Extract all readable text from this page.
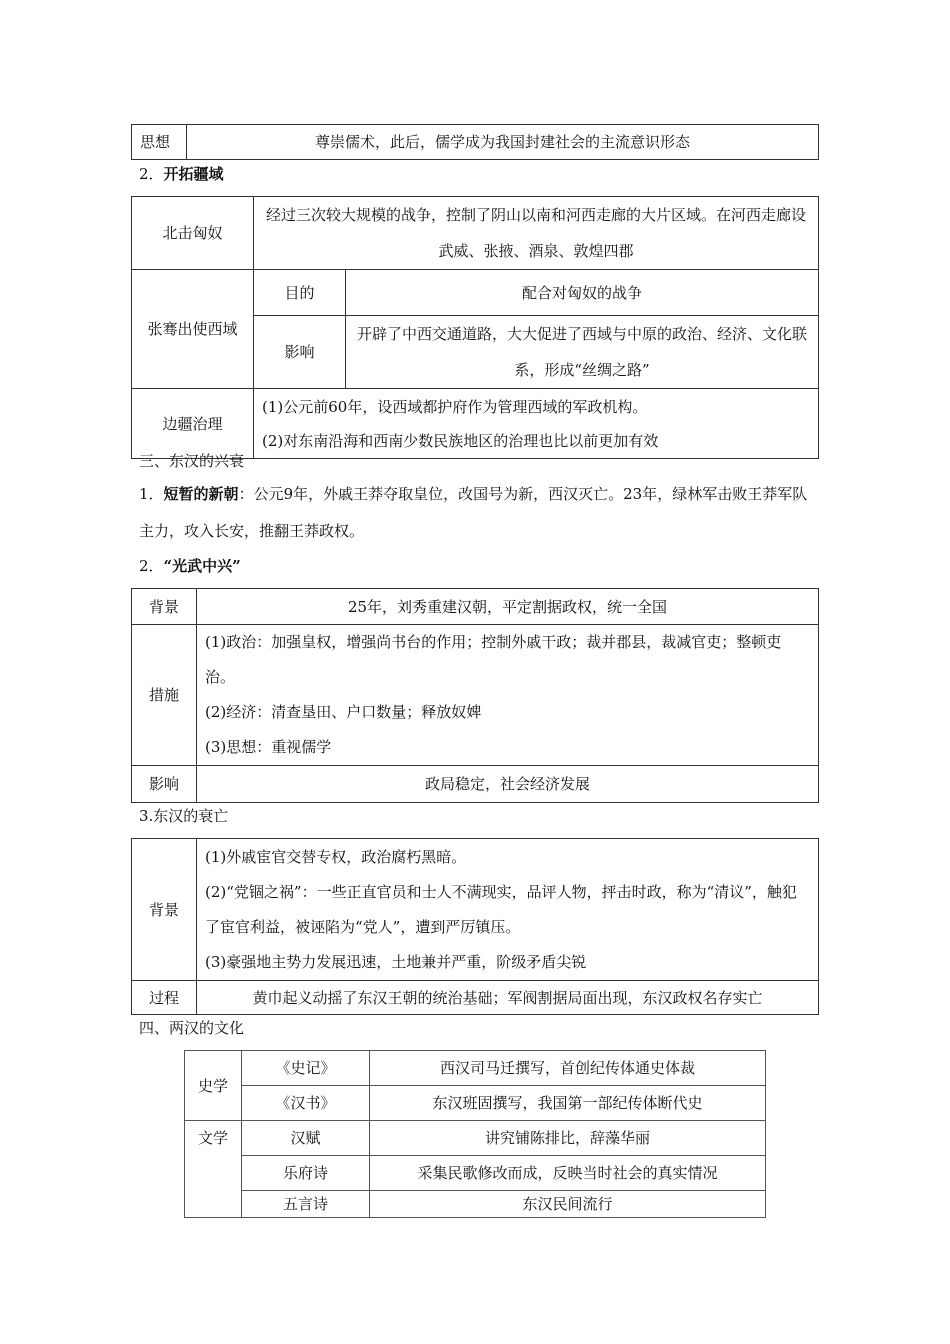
思想	尊崇儒术，此后，儒学成为我国封建社会的主流意识形态
2．开拓疆域
北击匈奴	经过三次较大规模的战争，控制了阴山以南和河西走廊的大片区域。在河西走廊设武威、张掖、酒泉、敦煌四郡	
张骞出使西域	目的	配合对匈奴的战争
	影响	开辟了中西交通道路，大大促进了西域与中原的政治、经济、文化联系，形成“丝绸之路”
边疆治理	(1)公元前60年，设西域都护府作为管理西域的军政机构。
(2)对东南沿海和西南少数民族地区的治理也比以前更加有效	
三、东汉的兴衰
1．短暂的新朝：公元9年，外戚王莽夺取皇位，改国号为新，西汉灭亡。23年，绿林军击败王莽军队主力，攻入长安，推翻王莽政权。
2．“光武中兴”
背景	25年，刘秀重建汉朝，平定割据政权，统一全国
措施	(1)政治：加强皇权，增强尚书台的作用；控制外戚干政；裁并郡县，裁减官吏；整顿吏治。
(2)经济：清查垦田、户口数量；释放奴婢
(3)思想：重视儒学

影响	政局稳定，社会经济发展
3.东汉的衰亡
背景	(1)外戚宦官交替专权，政治腐朽黑暗。
(2)“党锢之祸”：一些正直官员和士人不满现实，品评人物，抨击时政，称为“清议”，触犯了宦官利益，被诬陷为“党人”，遭到严厉镇压。
(3)豪强地主势力发展迅速，土地兼并严重，阶级矛盾尖锐

过程	黄巾起义动摇了东汉王朝的统治基础；军阀割据局面出现，东汉政权名存实亡
四、两汉的文化
史学	《史记》	西汉司马迁撰写，首创纪传体通史体裁
	《汉书》	东汉班固撰写，我国第一部纪传体断代史
文学	汉赋	讲究铺陈排比，辞藻华丽
	乐府诗	采集民歌修改而成，反映当时社会的真实情况
	五言诗	东汉民间流行
